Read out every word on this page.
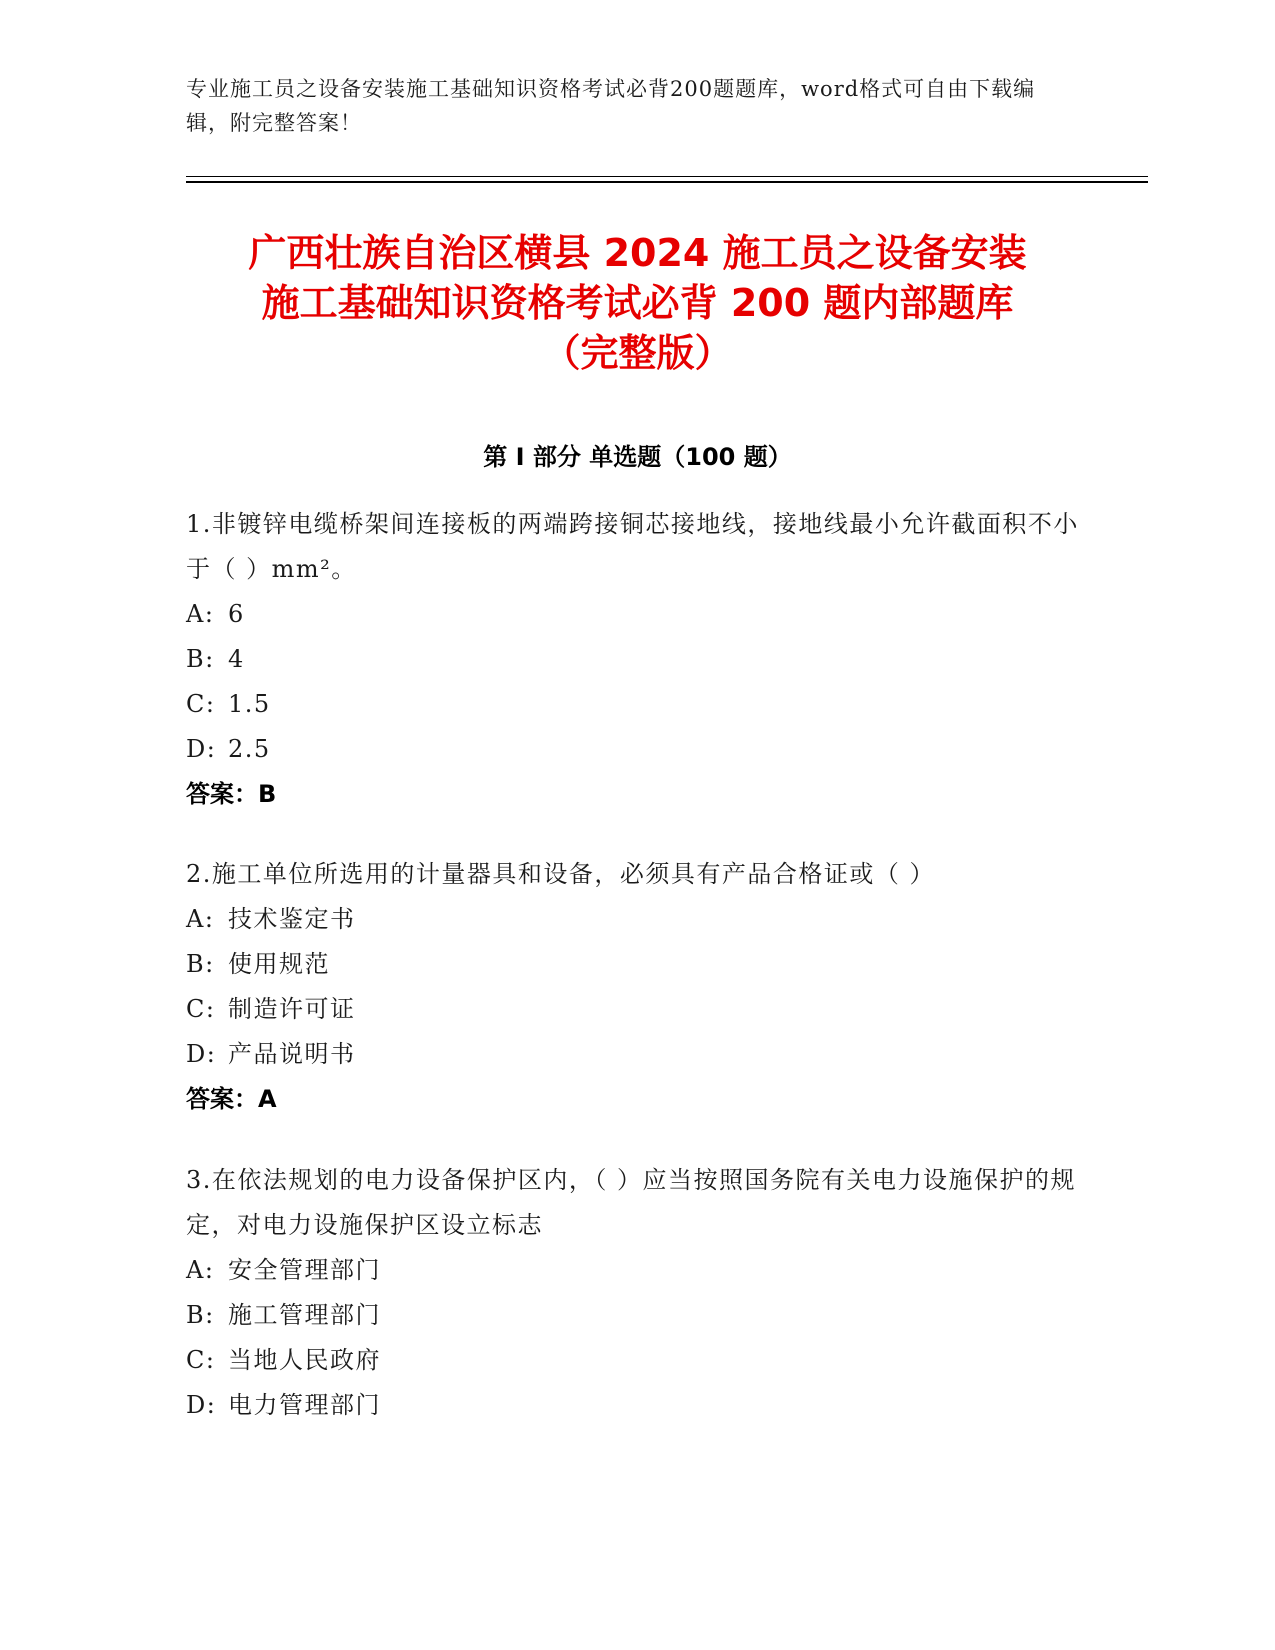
专业施工员之设备安装施工基础知识资格考试必背200题题库，word格式可自由下载编辑，附完整答案！
广西壮族自治区横县 2024 施工员之设备安装
施工基础知识资格考试必背 200 题内部题库
（完整版）
第 I 部分 单选题（100 题）
1.非镀锌电缆桥架间连接板的两端跨接铜芯接地线，接地线最小允许截面积不小于（ ）mm²。
A: 6
B: 4
C: 1.5
D: 2.5
答案：B
2.施工单位所选用的计量器具和设备，必须具有产品合格证或（ ）
A: 技术鉴定书
B: 使用规范
C: 制造许可证
D: 产品说明书
答案：A
3.在依法规划的电力设备保护区内，（ ）应当按照国务院有关电力设施保护的规定，对电力设施保护区设立标志
A: 安全管理部门
B: 施工管理部门
C: 当地人民政府
D: 电力管理部门
